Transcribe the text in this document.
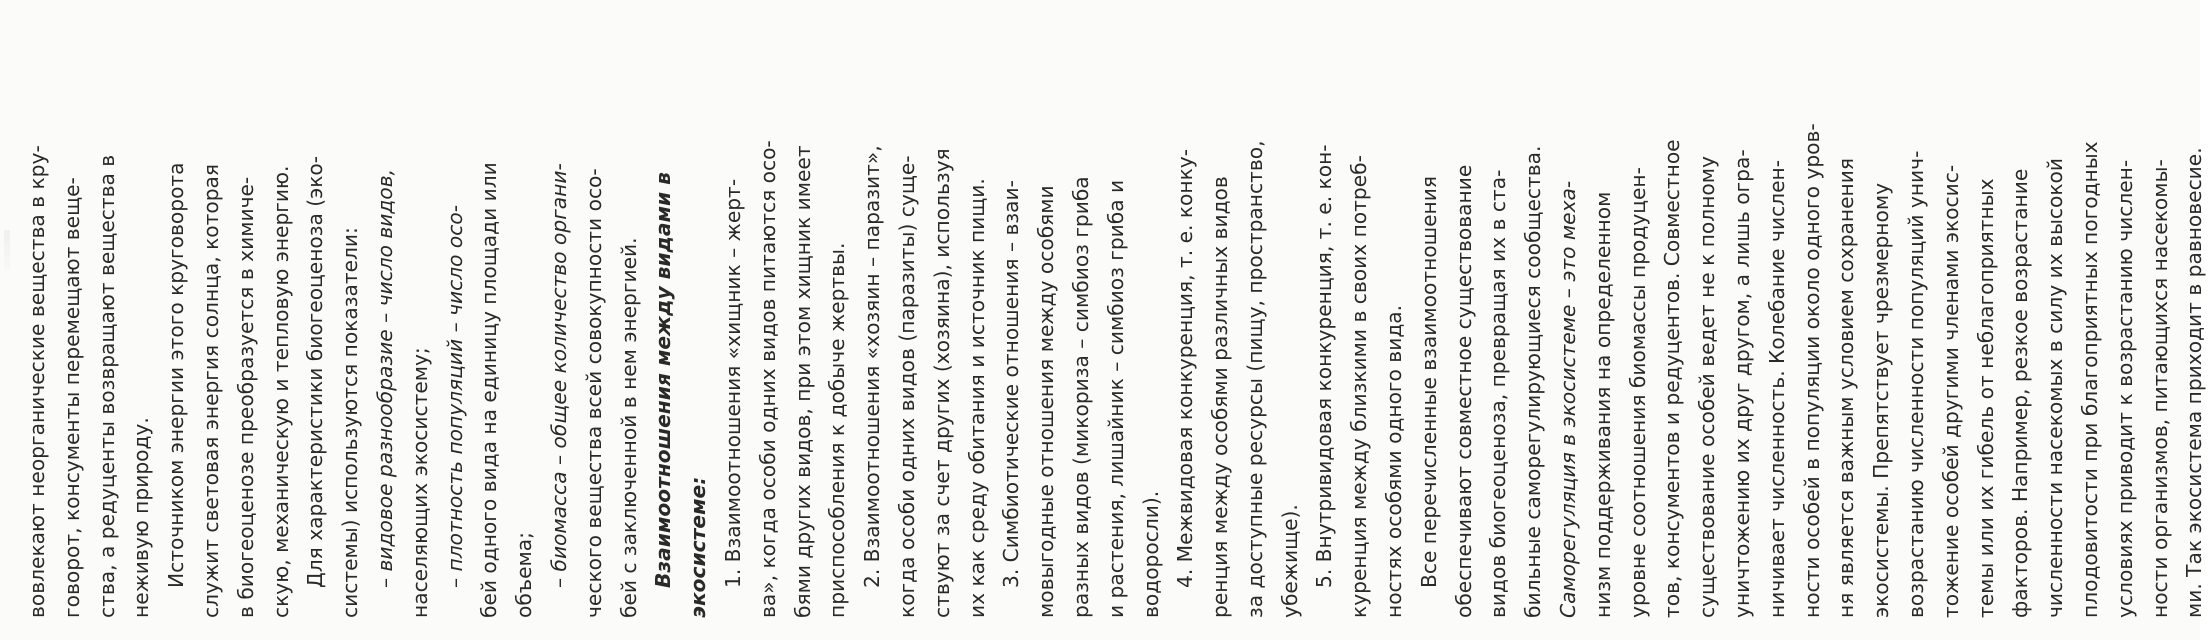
вовлекают неорганические вещества в кру- говорот, консументы перемещают веще- ства, а редуценты возвращают вещества в неживую природу. Источником энергии этого круговорота служит световая энергия солнца, которая в биогеоценозе преобразуется в химиче- скую, механическую и тепловую энергию. Для характеристики биогеоценоза (эко- системы) используются показатели: – видовое разнообразие – число видов, населяющих экосистему; – плотность популяций – число осо- бей одного вида на единицу площади или объема; – биомасса – общее количество органи- ческого вещества всей совокупности осо- бей с заключенной в нем энергией. Взаимоотношения между видами в экосистеме: 1. Взаимоотношения «хищник – жерт- ва», когда особи одних видов питаются осо- бями других видов, при этом хищник имеет приспособления к добыче жертвы. 2. Взаимоотношения «хозяин – паразит», когда особи одних видов (паразиты) суще- ствуют за счет других (хозяина), используя их как среду обитания и источник пищи. 3. Симбиотические отношения – взаи- мовыгодные отношения между особями разных видов (микориза – симбиоз гриба и растения, лишайник – симбиоз гриба и водоросли). 4. Межвидовая конкуренция, т. е. конку- ренция между особями различных видов за доступные ресурсы (пищу, пространство, убежище). 5. Внутривидовая конкуренция, т. е. кон- куренция между близкими в своих потреб- ностях особями одного вида. Все перечисленные взаимоотношения обеспечивают совместное существование видов биогеоценоза, превращая их в ста- бильные саморегулирующиеся сообщества. Саморегуляция в экосистеме – это меха- низм поддерживания на определенном уровне соотношения биомассы продуцен- тов, консументов и редуцентов. Совместное существование особей ведет не к полному уничтожению их друг другом, а лишь огра- ничивает численность. Колебание числен- ности особей в популяции около одного уров- ня является важным условием сохранения экосистемы. Препятствует чрезмерному возрастанию численности популяций унич- тожение особей другими членами экосис- темы или их гибель от неблагоприятных факторов. Например, резкое возрастание численности насекомых в силу их высокой плодовитости при благоприятных погодных условиях приводит к возрастанию числен- ности организмов, питающихся насекомы- ми. Так экосистема приходит в равновесие.
